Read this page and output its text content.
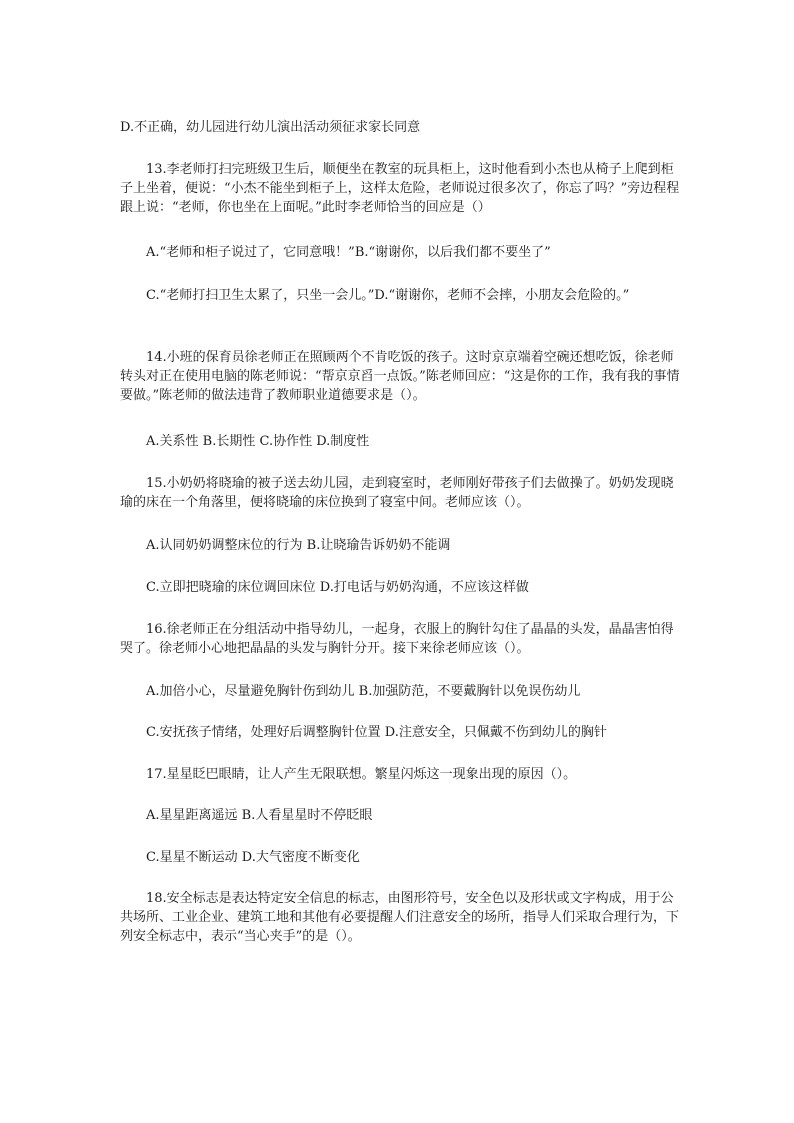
D.不正确，幼儿园进行幼儿演出活动须征求家长同意

13.李老师打扫完班级卫生后，顺便坐在教室的玩具柜上，这时他看到小杰也从椅子上爬到柜子上坐着，便说：“小杰不能坐到柜子上，这样太危险，老师说过很多次了，你忘了吗？”旁边程程跟上说：“老师，你也坐在上面呢。”此时李老师恰当的回应是（）

A.“老师和柜子说过了，它同意哦！”B.“谢谢你，以后我们都不要坐了”

C.“老师打扫卫生太累了，只坐一会儿。”D.“谢谢你，老师不会摔，小朋友会危险的。”

14.小班的保育员徐老师正在照顾两个不肯吃饭的孩子。这时京京端着空碗还想吃饭，徐老师转头对正在使用电脑的陈老师说：“帮京京舀一点饭。”陈老师回应：“这是你的工作，我有我的事情要做。”陈老师的做法违背了教师职业道德要求是（）。

A.关系性 B.长期性 C.协作性 D.制度性

15.小奶奶将晓瑜的被子送去幼儿园，走到寝室时，老师刚好带孩子们去做操了。奶奶发现晓瑜的床在一个角落里，便将晓瑜的床位换到了寝室中间。老师应该（）。

A.认同奶奶调整床位的行为 B.让晓瑜告诉奶奶不能调

C.立即把晓瑜的床位调回床位 D.打电话与奶奶沟通，不应该这样做

16.徐老师正在分组活动中指导幼儿，一起身，衣服上的胸针勾住了晶晶的头发，晶晶害怕得哭了。徐老师小心地把晶晶的头发与胸针分开。接下来徐老师应该（）。

A.加倍小心，尽量避免胸针伤到幼儿 B.加强防范，不要戴胸针以免误伤幼儿

C.安抚孩子情绪，处理好后调整胸针位置 D.注意安全，只佩戴不伤到幼儿的胸针

17.星星眨巴眼睛，让人产生无限联想。繁星闪烁这一现象出现的原因（）。

A.星星距离遥远 B.人看星星时不停眨眼

C.星星不断运动 D.大气密度不断变化

18.安全标志是表达特定安全信息的标志，由图形符号，安全色以及形状或文字构成，用于公共场所、工业企业、建筑工地和其他有必要提醒人们注意安全的场所，指导人们采取合理行为，下列安全标志中，表示“当心夹手”的是（）。
